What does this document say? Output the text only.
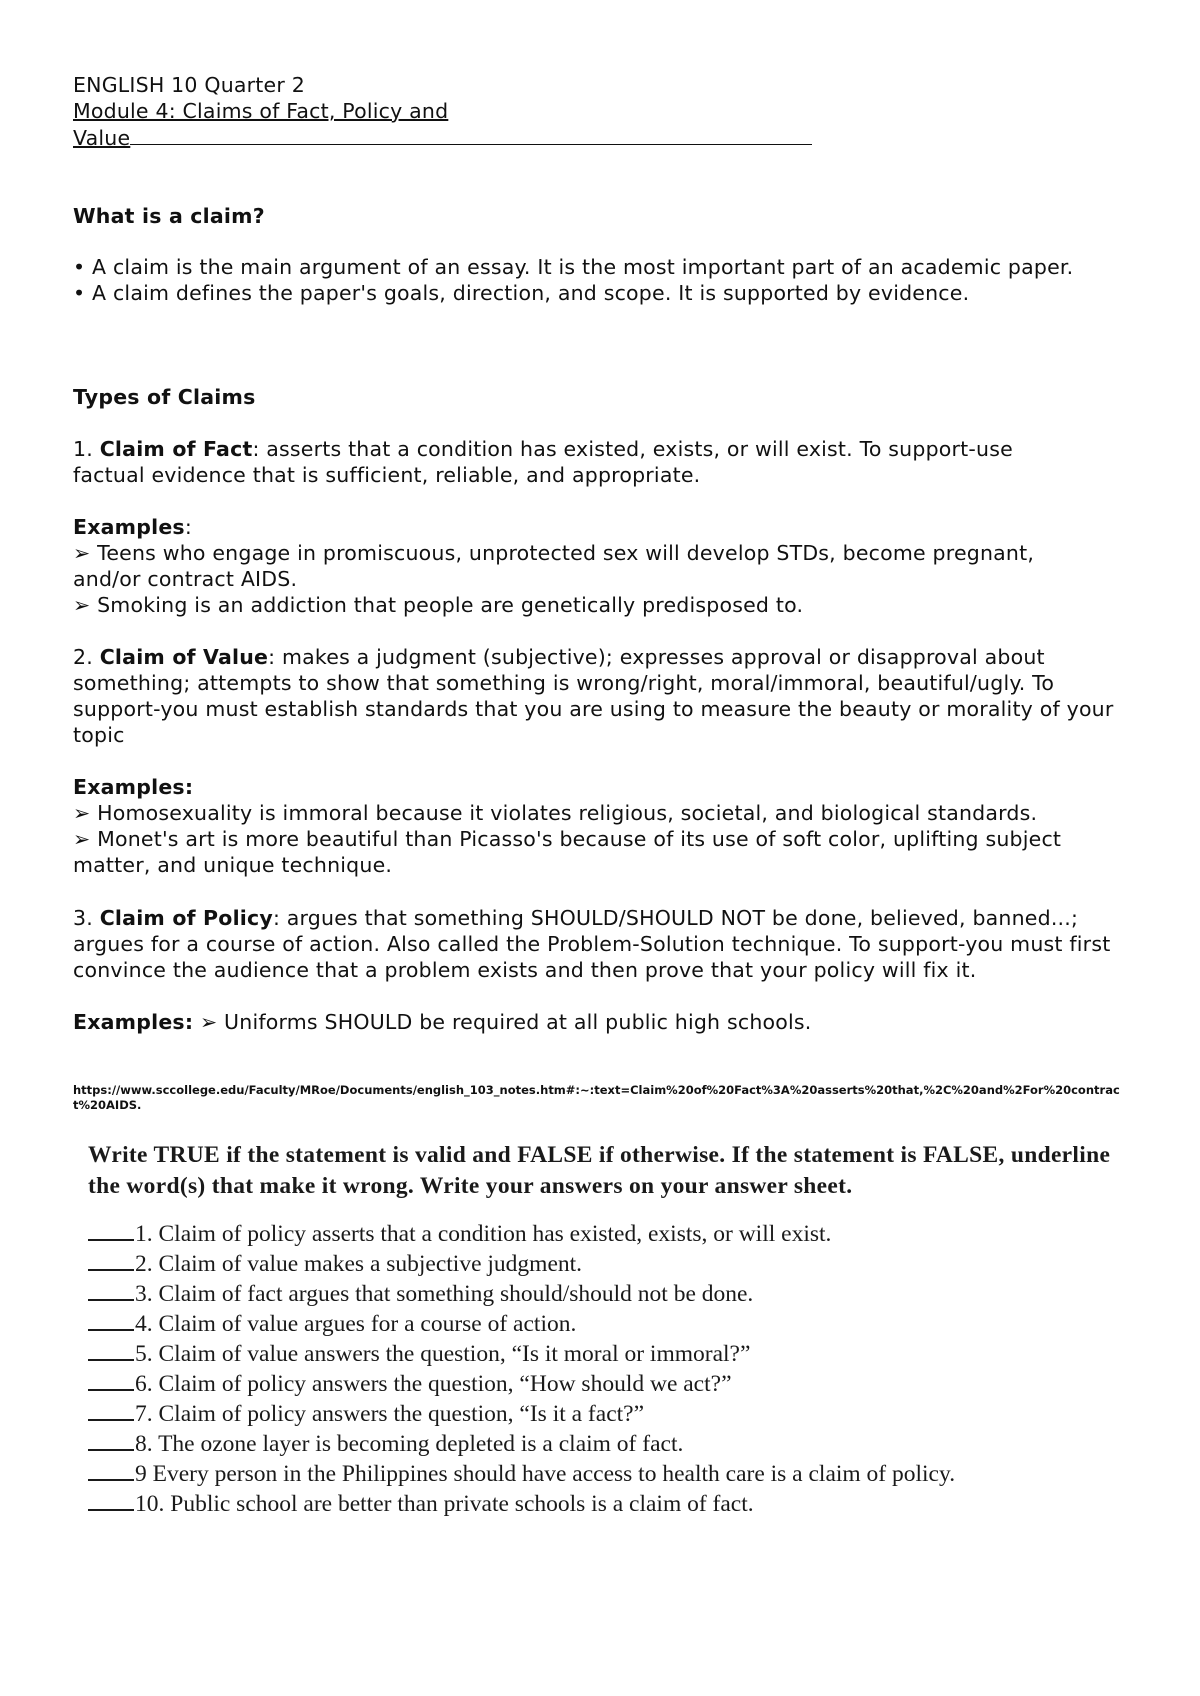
ENGLISH 10 Quarter 2
Module 4: Claims of Fact, Policy and
Value
What is a claim?
• A claim is the main argument of an essay. It is the most important part of an academic paper.
• A claim defines the paper's goals, direction, and scope. It is supported by evidence.
Types of Claims
1. Claim of Fact: asserts that a condition has existed, exists, or will exist. To support-use factual evidence that is sufficient, reliable, and appropriate.
Examples:
➢ Teens who engage in promiscuous, unprotected sex will develop STDs, become pregnant, and/or contract AIDS.
➢ Smoking is an addiction that people are genetically predisposed to.
2. Claim of Value: makes a judgment (subjective); expresses approval or disapproval about something; attempts to show that something is wrong/right, moral/immoral, beautiful/ugly. To support-you must establish standards that you are using to measure the beauty or morality of your topic
Examples:
➢ Homosexuality is immoral because it violates religious, societal, and biological standards.
➢ Monet's art is more beautiful than Picasso's because of its use of soft color, uplifting subject matter, and unique technique.
3. Claim of Policy: argues that something SHOULD/SHOULD NOT be done, believed, banned...; argues for a course of action. Also called the Problem-Solution technique. To support-you must first convince the audience that a problem exists and then prove that your policy will fix it.
Examples: ➢ Uniforms SHOULD be required at all public high schools.
https://www.sccollege.edu/Faculty/MRoe/Documents/english_103_notes.htm#:~:text=Claim%20of%20Fact%3A%20asserts%20that,%2C%20and%2For%20contract%20AIDS.

Write TRUE if the statement is valid and FALSE if otherwise. If the statement is FALSE, underline the word(s) that make it wrong. Write your answers on your answer sheet.

1. Claim of policy asserts that a condition has existed, exists, or will exist.
2. Claim of value makes a subjective judgment.
3. Claim of fact argues that something should/should not be done.
4. Claim of value argues for a course of action.
5. Claim of value answers the question, “Is it moral or immoral?”
6. Claim of policy answers the question, “How should we act?”
7. Claim of policy answers the question, “Is it a fact?”
8. The ozone layer is becoming depleted is a claim of fact.
9 Every person in the Philippines should have access to health care is a claim of policy.
10. Public school are better than private schools is a claim of fact.
